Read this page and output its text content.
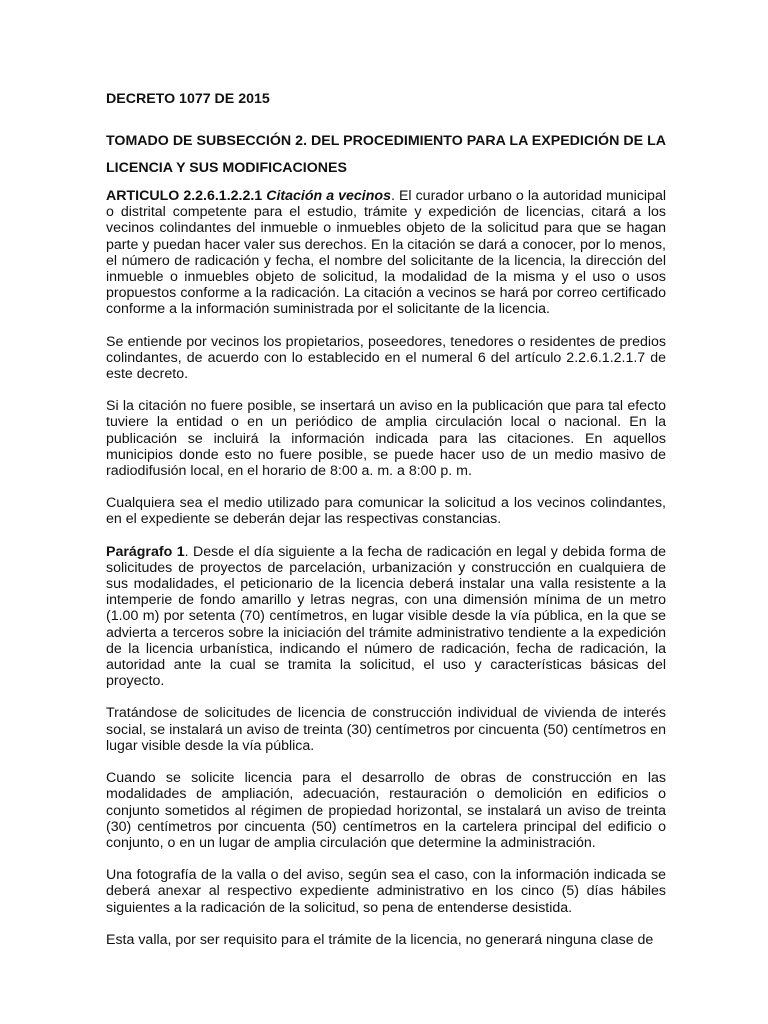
DECRETO 1077 DE 2015
TOMADO DE SUBSECCIÓN 2. DEL PROCEDIMIENTO PARA LA EXPEDICIÓN DE LA LICENCIA Y SUS MODIFICACIONES

ARTICULO 2.2.6.1.2.2.1 Citación a vecinos. El curador urbano o la autoridad municipal o distrital competente para el estudio, trámite y expedición de licencias, citará a los vecinos colindantes del inmueble o inmuebles objeto de la solicitud para que se hagan parte y puedan hacer valer sus derechos. En la citación se dará a conocer, por lo menos, el número de radicación y fecha, el nombre del solicitante de la licencia, la dirección del inmueble o inmuebles objeto de solicitud, la modalidad de la misma y el uso o usos propuestos conforme a la radicación. La citación a vecinos se hará por correo certificado conforme a la información suministrada por el solicitante de la licencia.

Se entiende por vecinos los propietarios, poseedores, tenedores o residentes de predios colindantes, de acuerdo con lo establecido en el numeral 6 del artículo 2.2.6.1.2.1.7 de este decreto.

Si la citación no fuere posible, se insertará un aviso en la publicación que para tal efecto tuviere la entidad o en un periódico de amplia circulación local o nacional. En la publicación se incluirá la información indicada para las citaciones. En aquellos municipios donde esto no fuere posible, se puede hacer uso de un medio masivo de radiodifusión local, en el horario de 8:00 a. m. a 8:00 p. m.

Cualquiera sea el medio utilizado para comunicar la solicitud a los vecinos colindantes, en el expediente se deberán dejar las respectivas constancias.

Parágrafo 1. Desde el día siguiente a la fecha de radicación en legal y debida forma de solicitudes de proyectos de parcelación, urbanización y construcción en cualquiera de sus modalidades, el peticionario de la licencia deberá instalar una valla resistente a la intemperie de fondo amarillo y letras negras, con una dimensión mínima de un metro (1.00 m) por setenta (70) centímetros, en lugar visible desde la vía pública, en la que se advierta a terceros sobre la iniciación del trámite administrativo tendiente a la expedición de la licencia urbanística, indicando el número de radicación, fecha de radicación, la autoridad ante la cual se tramita la solicitud, el uso y características básicas del proyecto.

Tratándose de solicitudes de licencia de construcción individual de vivienda de interés social, se instalará un aviso de treinta (30) centímetros por cincuenta (50) centímetros en lugar visible desde la vía pública.

Cuando se solicite licencia para el desarrollo de obras de construcción en las modalidades de ampliación, adecuación, restauración o demolición en edificios o conjunto sometidos al régimen de propiedad horizontal, se instalará un aviso de treinta (30) centímetros por cincuenta (50) centímetros en la cartelera principal del edificio o conjunto, o en un lugar de amplia circulación que determine la administración.

Una fotografía de la valla o del aviso, según sea el caso, con la información indicada se deberá anexar al respectivo expediente administrativo en los cinco (5) días hábiles siguientes a la radicación de la solicitud, so pena de entenderse desistida.

Esta valla, por ser requisito para el trámite de la licencia, no generará ninguna clase de
